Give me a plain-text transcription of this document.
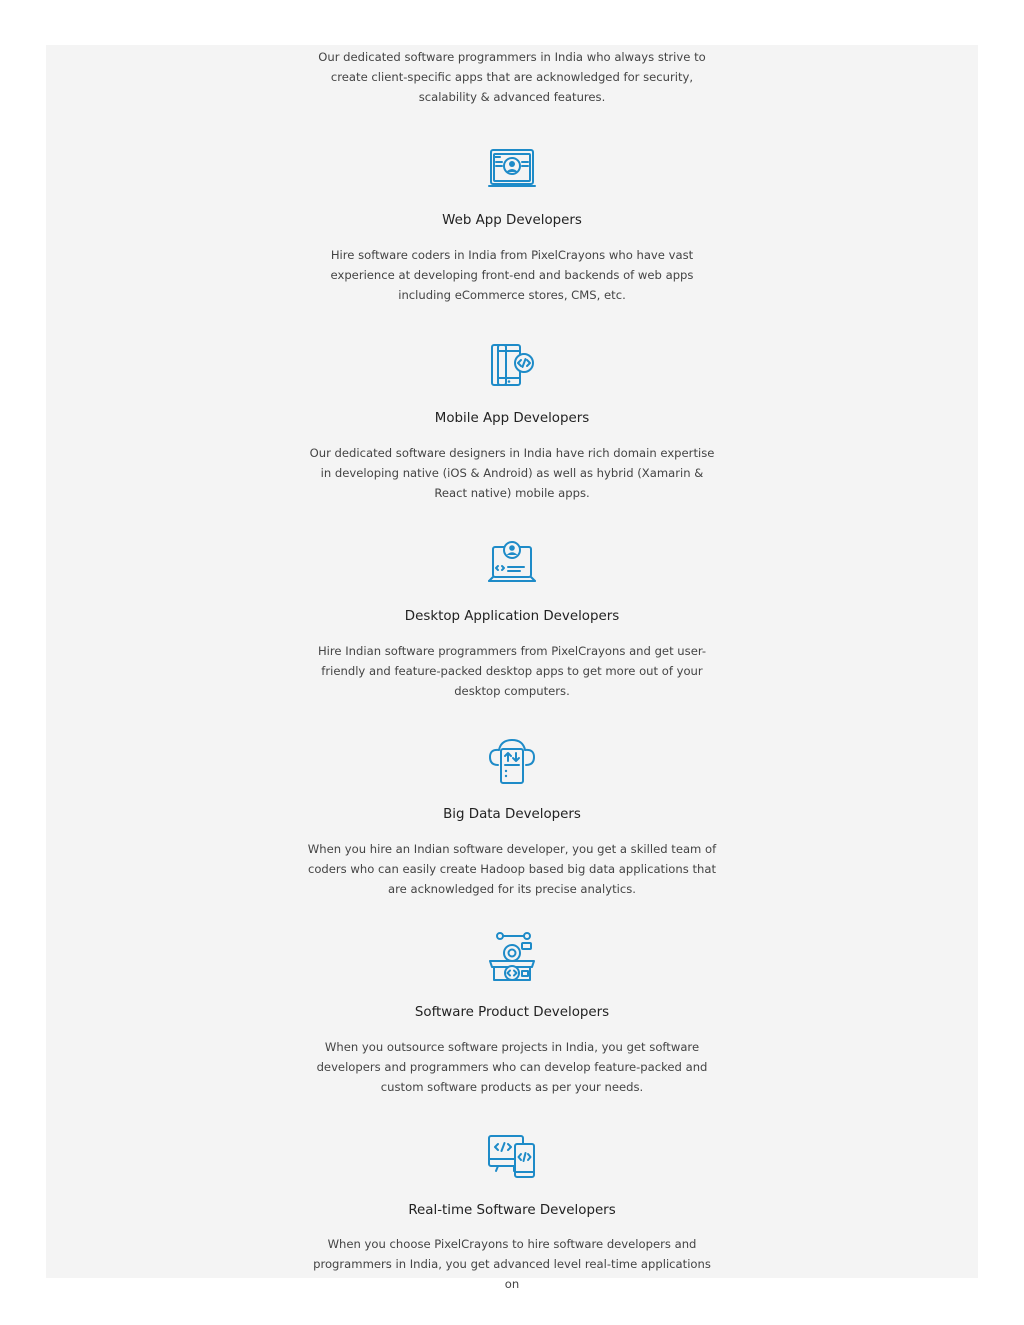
Our dedicated software programmers in India who always strive to create client-specific apps that are acknowledged for security, scalability & advanced features.

Web App Developers

Hire software coders in India from PixelCrayons who have vast experience at developing front-end and backends of web apps including eCommerce stores, CMS, etc.

Mobile App Developers

Our dedicated software designers in India have rich domain expertise in developing native (iOS & Android) as well as hybrid (Xamarin & React native) mobile apps.

Desktop Application Developers

Hire Indian software programmers from PixelCrayons and get user-friendly and feature-packed desktop apps to get more out of your desktop computers.

Big Data Developers

When you hire an Indian software developer, you get a skilled team of coders who can easily create Hadoop based big data applications that are acknowledged for its precise analytics.

Software Product Developers

When you outsource software projects in India, you get software developers and programmers who can develop feature-packed and custom software products as per your needs.

Real-time Software Developers

When you choose PixelCrayons to hire software developers and programmers in India, you get advanced level real-time applications on
